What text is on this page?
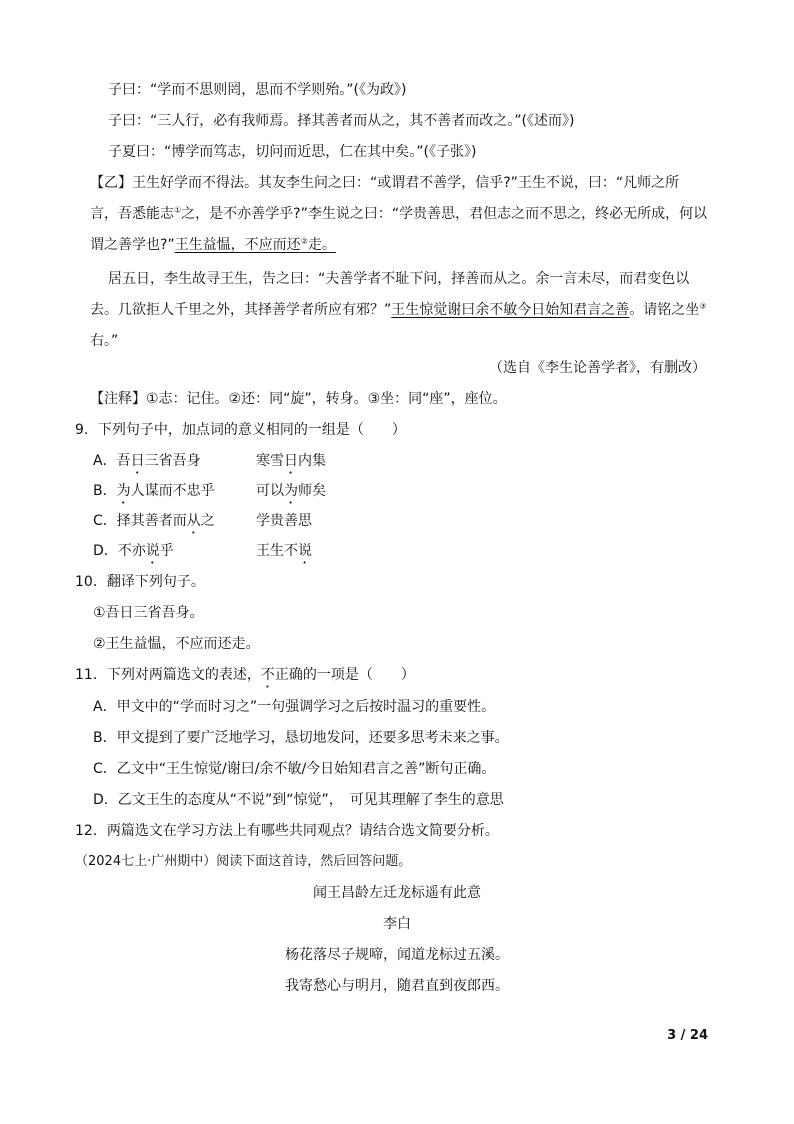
子曰：“学而不思则罔，思而不学则殆。”(《为政》)
子曰：“三人行，必有我师焉。择其善者而从之，其不善者而改之。”(《述而》)
子夏曰：“博学而笃志，切问而近思，仁在其中矣。”(《子张》)
【乙】王生好学而不得法。其友李生问之曰：“或谓君不善学，信乎?”王生不说，曰：“凡师之所
言，吾悉能志①之，是不亦善学乎?”李生说之曰：“学贵善思，君但志之而不思之，终必无所成，何以
谓之善学也?”王生益愠，不应而还②走。
居五日，李生故寻王生，告之曰：“夫善学者不耻下问，择善而从之。余一言未尽，而君变色以
去。几欲拒人千里之外，其择善学者所应有邪？”王生惊觉谢曰余不敏今日始知君言之善。请铭之坐③
右。”
（选自《李生论善学者》，有删改）
【注释】①志：记住。②还：同“旋”，转身。③坐：同“座”，座位。
9．下列句子中，加点词的意义相同的一组是（　　）
A．吾日三省吾身	寒雪日内集
B．为人谋而不忠乎	可以为师矣
C．择其善者而从之	学贵善思
D．不亦说乎	王生不说
10．翻译下列句子。
①吾日三省吾身。
②王生益愠，不应而还走。
11．下列对两篇选文的表述，不正确的一项是（　　）
A．甲文中的“学而时习之”一句强调学习之后按时温习的重要性。
B．甲文提到了要广泛地学习，恳切地发问，还要多思考未来之事。
C．乙文中“王生惊觉/谢曰/余不敏/今日始知君言之善”断句正确。
D．乙文王生的态度从“不说”到“惊觉”，　可见其理解了李生的意思
12．两篇选文在学习方法上有哪些共同观点？请结合选文简要分析。
（2024七上·广州期中）阅读下面这首诗，然后回答问题。
闻王昌龄左迁龙标遥有此意
李白
杨花落尽子规啼，闻道龙标过五溪。
我寄愁心与明月，随君直到夜郎西。
3 / 24
